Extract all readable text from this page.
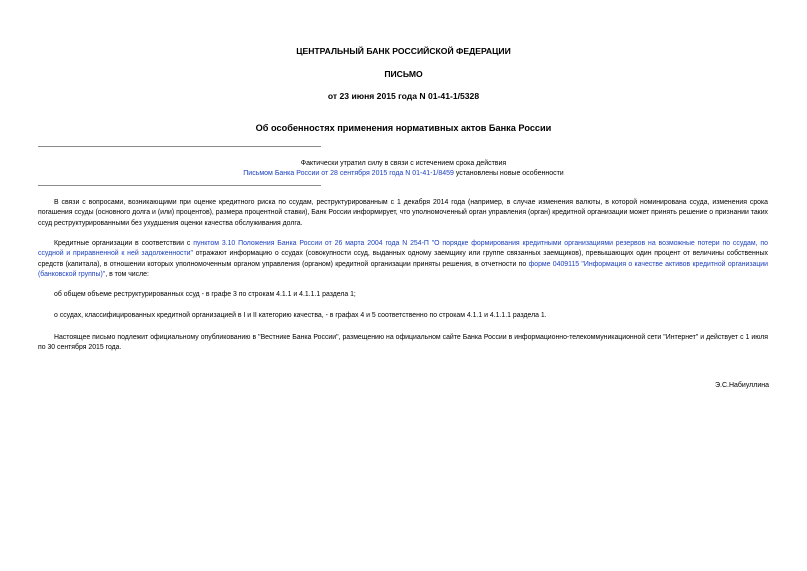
ЦЕНТРАЛЬНЫЙ БАНК РОССИЙСКОЙ ФЕДЕРАЦИИ
ПИСЬМО
от 23 июня 2015 года N 01-41-1/5328
Об особенностях применения нормативных актов Банка России
Фактически утратил силу в связи с истечением срока действия
Письмом Банка России от 28 сентября 2015 года N 01-41-1/8459 установлены новые особенности
В связи с вопросами, возникающими при оценке кредитного риска по ссудам, реструктурированным с 1 декабря 2014 года (например, в случае изменения валюты, в которой номинирована ссуда, изменения срока погашения ссуды (основного долга и (или) процентов), размера процентной ставки), Банк России информирует, что уполномоченный орган управления (орган) кредитной организации может принять решение о признании таких ссуд реструктурированными без ухудшения оценки качества обслуживания долга.
Кредитные организации в соответствии с пунктом 3.10 Положения Банка России от 26 марта 2004 года N 254-П "О порядке формирования кредитными организациями резервов на возможные потери по ссудам, по ссудной и приравненной к ней задолженности" отражают информацию о ссудах (совокупности ссуд, выданных одному заемщику или группе связанных заемщиков), превышающих один процент от величины собственных средств (капитала), в отношении которых уполномоченным органом управления (органом) кредитной организации приняты решения, в отчетности по форме 0409115 "Информация о качестве активов кредитной организации (банковской группы)", в том числе:
об общем объеме реструктурированных ссуд - в графе 3 по строкам 4.1.1 и 4.1.1.1 раздела 1;
о ссудах, классифицированных кредитной организацией в I и II категорию качества, - в графах 4 и 5 соответственно по строкам 4.1.1 и 4.1.1.1 раздела 1.
Настоящее письмо подлежит официальному опубликованию в "Вестнике Банка России", размещению на официальном сайте Банка России в информационно-телекоммуникационной сети "Интернет" и действует с 1 июля по 30 сентября 2015 года.
Э.С.Набиуллина
